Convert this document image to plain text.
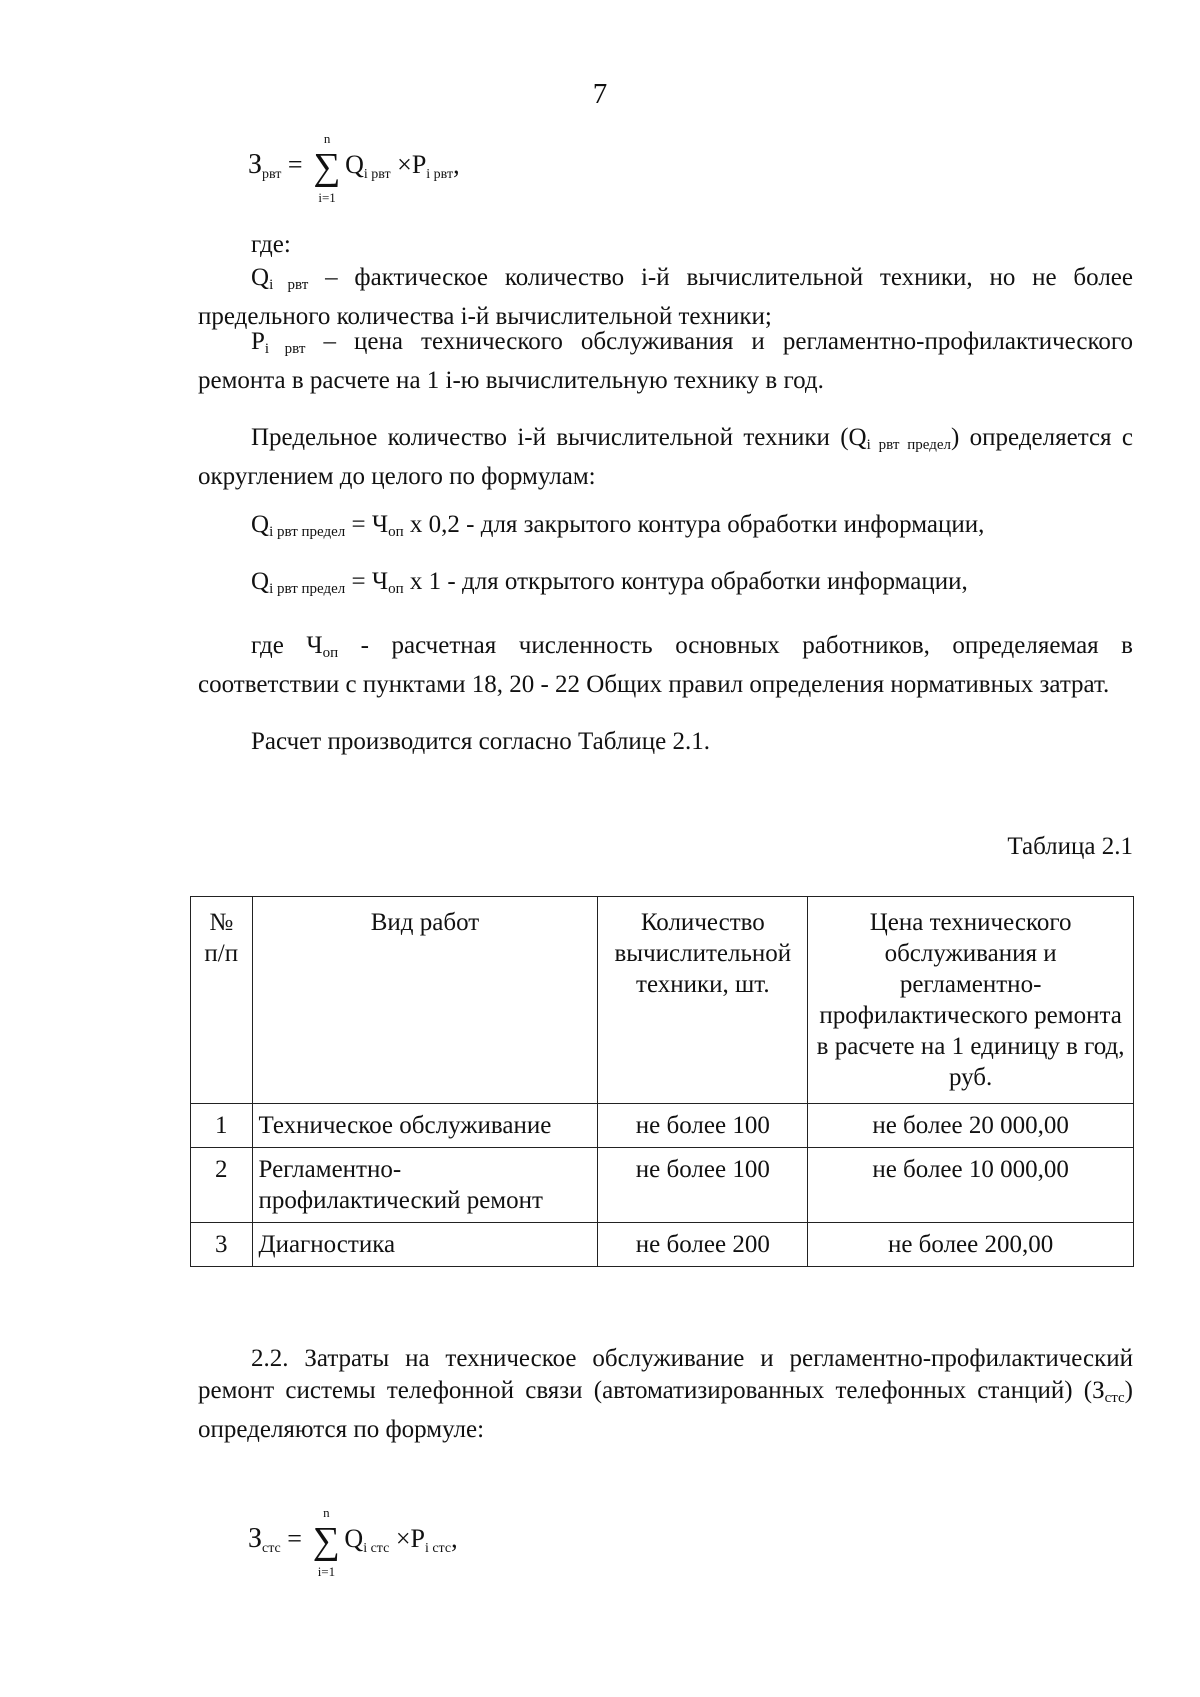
7
$З_{рвт}$ = ∑
n
i=1
$Q_{i рвт} \times P_{i рвт}$,
где:
$Q_{i рвт}$ – фактическое количество i-й вычислительной техники, но не более предельного количества i-й вычислительной техники;
$P_{i рвт}$ – цена технического обслуживания и регламентно-профилактического ремонта в расчете на 1 i-ю вычислительную технику в год.
Предельное количество i-й вычислительной техники $(Q_{i рвт предел})$ определяется с округлением до целого по формулам:
$Q_{i рвт предел} = Ч_{оп}$ х 0,2 - для закрытого контура обработки информации,
$Q_{i рвт предел} = Ч_{оп}$ х 1 - для открытого контура обработки информации,
где $Ч_{оп}$ - расчетная численность основных работников, определяемая в соответствии с пунктами 18, 20 - 22 Общих правил определения нормативных затрат.
Расчет производится согласно Таблице 2.1.
Таблица 2.1
№ п/п	Вид работ	Количество вычислительной техники, шт.	Цена технического обслуживания и регламентно-профилактического ремонта в расчете на 1 единицу в год, руб.
1	Техническое обслуживание	не более 100	не более 20 000,00
2	Регламентно-профилактический ремонт	не более 100	не более 10 000,00
3	Диагностика	не более 200	не более 200,00
2.2. Затраты на техническое обслуживание и регламентно-профилактический ремонт системы телефонной связи (автоматизированных телефонных станций) $(З_{стс})$ определяются по формуле:
$З_{стс}$ = ∑
n
i=1
$Q_{i стс} \times P_{i стс}$,
